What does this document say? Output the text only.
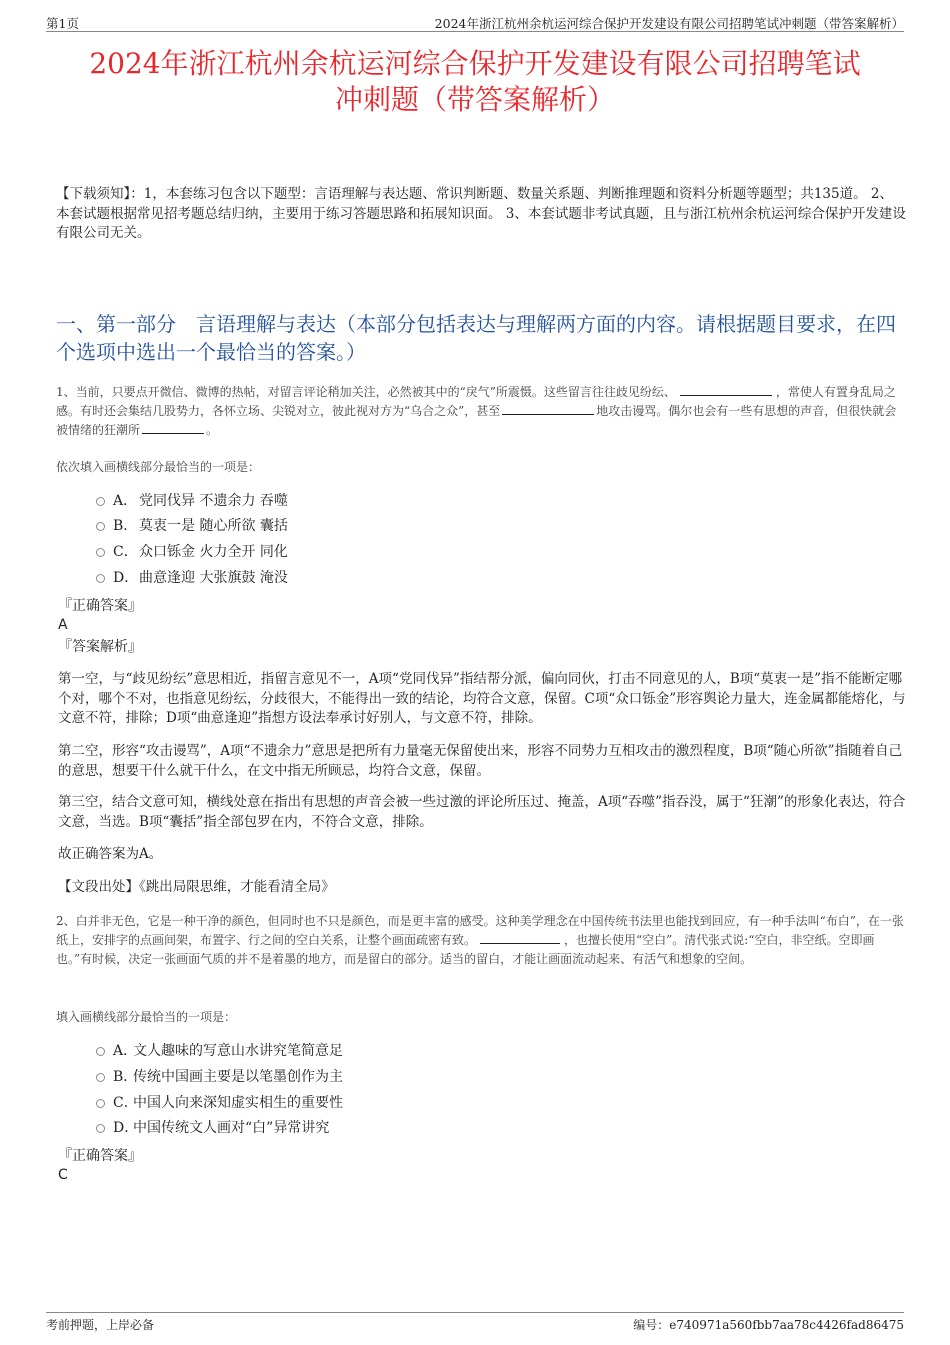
第1页	2024年浙江杭州余杭运河综合保护开发建设有限公司招聘笔试冲刺题（带答案解析）
2024年浙江杭州余杭运河综合保护开发建设有限公司招聘笔试
冲刺题（带答案解析）
【下载须知】：1，本套练习包含以下题型：言语理解与表达题、常识判断题、数量关系题、判断推理题和资料分析题等题型；共135道。 2、本套试题根据常见招考题总结归纳，主要用于练习答题思路和拓展知识面。 3、本套试题非考试真题，且与浙江杭州余杭运河综合保护开发建设有限公司无关。
一、第一部分　言语理解与表达（本部分包括表达与理解两方面的内容。请根据题目要求，在四个选项中选出一个最恰当的答案。）
1、当前，只要点开微信、微博的热帖，对留言评论稍加关注，必然被其中的“戾气”所震慑。这些留言往往歧见纷纭、	，常使人有置身乱局之感。有时还会集结几股势力，各怀立场、尖锐对立，彼此视对方为“乌合之众”，甚至	地攻击谩骂。偶尔也会有一些有思想的声音，但很快就会被情绪的狂潮所	。
依次填入画横线部分最恰当的一项是：
A． 党同伐异 不遗余力 吞噬
B． 莫衷一是 随心所欲 囊括
C．众口铄金 火力全开 同化
D．曲意逢迎 大张旗鼓 淹没
『正确答案』
A
『答案解析』
第一空，与“歧见纷纭”意思相近，指留言意见不一，A项“党同伐异”指结帮分派，偏向同伙，打击不同意见的人，B项“莫衷一是”指不能断定哪个对，哪个不对，也指意见纷纭，分歧很大，不能得出一致的结论，均符合文意，保留。C项“众口铄金”形容舆论力量大，连金属都能熔化，与文意不符，排除；D项“曲意逢迎”指想方设法奉承讨好别人，与文意不符，排除。
第二空，形容“攻击谩骂”，A项“不遗余力”意思是把所有力量毫无保留使出来，形容不同势力互相攻击的激烈程度，B项“随心所欲”指随着自己的意思，想要干什么就干什么，在文中指无所顾忌，均符合文意，保留。
第三空，结合文意可知，横线处意在指出有思想的声音会被一些过激的评论所压过、掩盖，A项“吞噬”指吞没，属于“狂潮”的形象化表达，符合文意，当选。B项“囊括”指全部包罗在内，不符合文意，排除。
故正确答案为A。
【文段出处】《跳出局限思维，才能看清全局》
2、白并非无色，它是一种干净的颜色，但同时也不只是颜色，而是更丰富的感受。这种美学理念在中国传统书法里也能找到回应，有一种手法叫“布白”，在一张纸上，安排字的点画间架，布置字、行之间的空白关系，让整个画面疏密有致。	，也擅长使用“空白”。清代张式说:“空白，非空纸。空即画也。”有时候，决定一张画面气质的并不是着墨的地方，而是留白的部分。适当的留白，才能让画面流动起来、有活气和想象的空间。
填入画横线部分最恰当的一项是：
A．文人趣味的写意山水讲究笔简意足
B．传统中国画主要是以笔墨创作为主
C．中国人向来深知虚实相生的重要性
D．中国传统文人画对“白”异常讲究
『正确答案』
C
考前押题，上岸必备	编号：e740971a560fbb7aa78c4426fad86475
